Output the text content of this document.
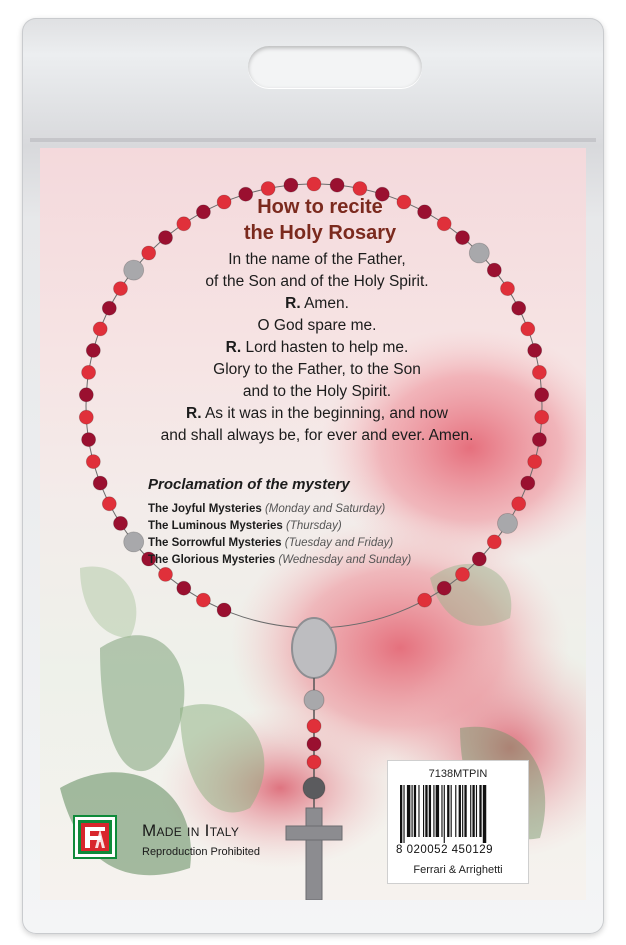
How to recite
the Holy Rosary
In the name of the Father,
of the Son and of the Holy Spirit.
R. Amen.
O God spare me.
R. Lord hasten to help me.
Glory to the Father, to the Son
and to the Holy Spirit.
R. As it was in the beginning, and now
and shall always be, for ever and ever. Amen.
Proclamation of the mystery
The Joyful Mysteries (Monday and Saturday)
The Luminous Mysteries (Thursday)
The Sorrowful Mysteries (Tuesday and Friday)
The Glorious Mysteries (Wednesday and Sunday)
7138MTPIN
8 020052 450129
Ferrari & Arrighetti
Made in Italy
Reproduction Prohibited
